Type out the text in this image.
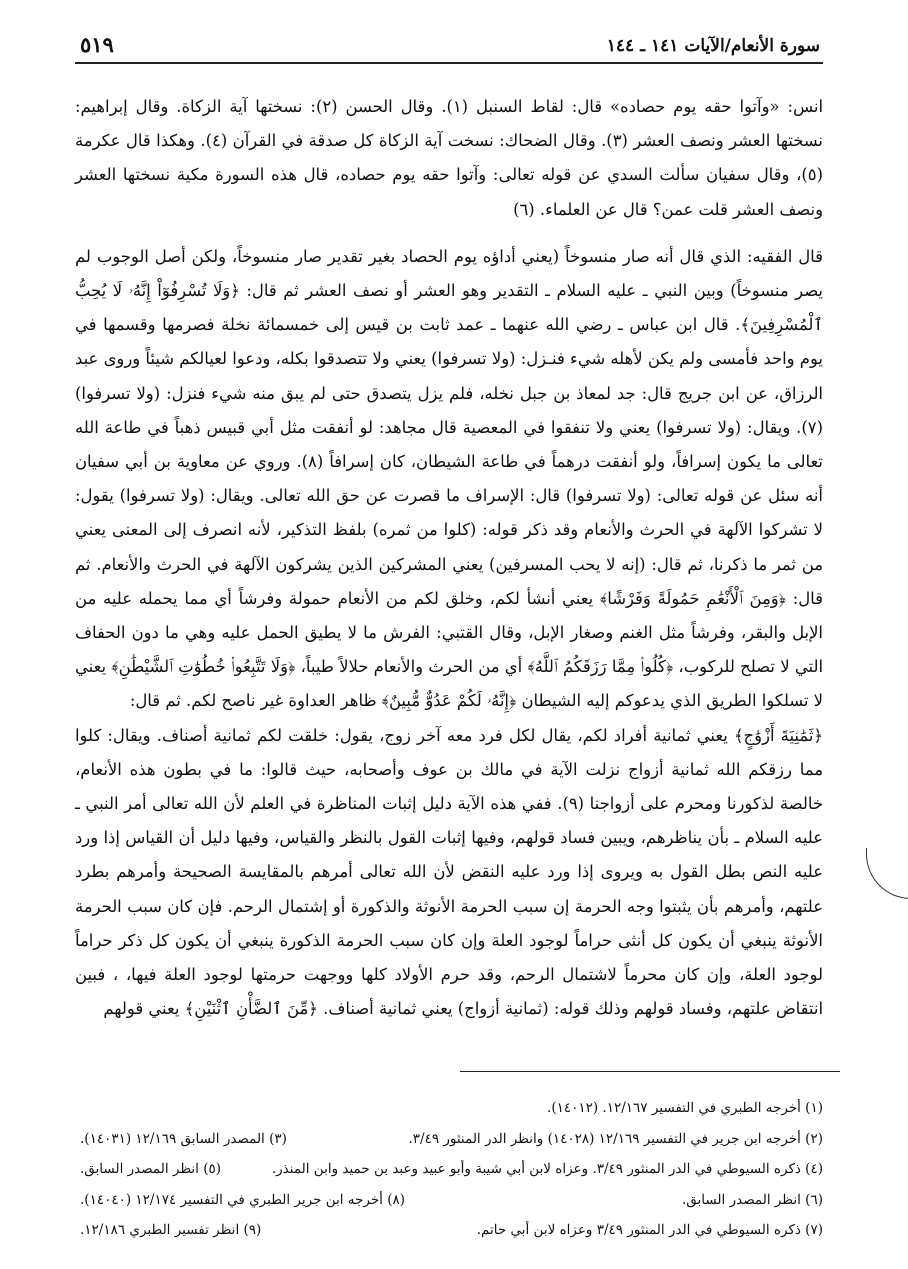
سورة الأنعام/الآيات ١٤١ ـ ١٤٤
٥١٩

انس: «وآتوا حقه يوم حصاده» قال: لقاط السنبل (١). وقال الحسن (٢): نسختها آية الزكاة. وقال إبراهيم: نسختها العشر ونصف العشر (٣). وقال الضحاك: نسخت آية الزكاة كل صدقة في القرآن (٤). وهكذا قال عكرمة (٥)، وقال سفيان سألت السدي عن قوله تعالى: وآتوا حقه يوم حصاده، قال هذه السورة مكية نسختها العشر ونصف العشر قلت عمن؟ قال عن العلماء. (٦)

قال الفقيه: الذي قال أنه صار منسوخاً (يعني أداؤه يوم الحصاد بغير تقدير صار منسوخاً، ولكن أصل الوجوب لم يصر منسوخاً) وبين النبي ـ عليه السلام ـ التقدير وهو العشر أو نصف العشر ثم قال: ﴿وَلَا تُسْرِفُوٓاْ إِنَّهُۥ لَا يُحِبُّ ٱلْمُسْرِفِينَ﴾. قال ابن عباس ـ رضي الله عنهما ـ عمد ثابت بن قيس إلى خمسمائة نخلة فصرمها وقسمها في يوم واحد فأمسى ولم يكن لأهله شيء فنـزل: (ولا تسرفوا) يعني ولا تتصدقوا بكله، ودعوا لعيالكم شيئاً وروى عبد الرزاق، عن ابن جريج قال: جد لمعاذ بن جبل نخله، فلم يزل يتصدق حتى لم يبق منه شيء فنزل: (ولا تسرفوا) (٧). ويقال: (ولا تسرفوا) يعني ولا تنفقوا في المعصية قال مجاهد: لو أنفقت مثل أبي قبيس ذهباً في طاعة الله تعالى ما يكون إسرافاً، ولو أنفقت درهماً في طاعة الشيطان، كان إسرافاً (٨). وروي عن معاوية بن أبي سفيان أنه سئل عن قوله تعالى: (ولا تسرفوا) قال: الإسراف ما قصرت عن حق الله تعالى. ويقال: (ولا تسرفوا) يقول: لا تشركوا الآلهة في الحرث والأنعام وقد ذكر قوله: (كلوا من ثمره) بلفظ التذكير، لأنه انصرف إلى المعنى يعني من ثمر ما ذكرنا، ثم قال: (إنه لا يحب المسرفين) يعني المشركين الذين يشركون الآلهة في الحرث والأنعام. ثم قال: ﴿وَمِنَ ٱلْأَنْعَٰمِ حَمُولَةً وَفَرْشًا﴾ يعني أنشأ لكم، وخلق لكم من الأنعام حمولة وفرشاً أي مما يحمله عليه من الإبل والبقر، وفرشاً مثل الغنم وصغار الإبل، وقال القتبي: الفرش ما لا يطيق الحمل عليه وهي ما دون الحفاف التي لا تصلح للركوب، ﴿كُلُوا۟ مِمَّا رَزَقَكُمُ ٱللَّهُ﴾ أي من الحرث والأنعام حلالاً طيباً، ﴿وَلَا تَتَّبِعُوا۟ خُطُوَٰتِ ٱلشَّيْطَٰنِ﴾ يعني لا تسلكوا الطريق الذي يدعوكم إليه الشيطان ﴿إِنَّهُۥ لَكُمْ عَدُوٌّ مُّبِينٌ﴾ ظاهر العداوة غير ناصح لكم. ثم قال:

﴿ثَمَٰنِيَةَ أَزْوَٰجٍ﴾ يعني ثمانية أفراد لكم، يقال لكل فرد معه آخر زوج، يقول: خلقت لكم ثمانية أصناف. ويقال: كلوا مما رزقكم الله ثمانية أزواج نزلت الآية في مالك بن عوف وأصحابه، حيث قالوا: ما في بطون هذه الأنعام، خالصة لذكورنا ومحرم على أزواجنا (٩). ففي هذه الآية دليل إثبات المناظرة في العلم لأن الله تعالى أمر النبي ـ عليه السلام ـ بأن يناظرهم، ويبين فساد قولهم، وفيها إثبات القول بالنظر والقياس، وفيها دليل أن القياس إذا ورد عليه النص بطل القول به ويروى إذا ورد عليه النقض لأن الله تعالى أمرهم بالمقايسة الصحيحة وأمرهم بطرد علتهم، وأمرهم بأن يثبتوا وجه الحرمة إن سبب الحرمة الأنوثة والذكورة أو إشتمال الرحم. فإن كان سبب الحرمة الأنوثة ينبغي أن يكون كل أنثى حراماً لوجود العلة وإن كان سبب الحرمة الذكورة ينبغي أن يكون كل ذكر حراماً لوجود العلة، وإن كان محرماً لاشتمال الرحم، وقد حرم الأولاد كلها ووجهت حرمتها لوجود العلة فيها، ، فبين انتقاض علتهم، وفساد قولهم وذلك قوله: (ثمانية أزواج) يعني ثمانية أصناف. ﴿مِّنَ ٱلضَّأْنِ ٱثْنَيْنِ﴾ يعني قولهم

(١) أخرجه الطبري في التفسير ١٢/١٦٧. (١٤٠١٢).
(٢) أخرجه ابن جرير في التفسير ١٢/١٦٩ (١٤٠٢٨) وانظر الدر المنثور ٣/٤٩.
(٣) المصدر السابق ١٢/١٦٩ (١٤٠٣١).
(٤) ذكره السيوطي في الدر المنثور ٣/٤٩. وعزاه لابن أبي شيبة وأبو عبيد وعبد بن حميد وابن المنذر.
(٥) انظر المصدر السابق.
(٦) انظر المصدر السابق.
(٨) أخرجه ابن جرير الطبري في التفسير ١٢/١٧٤ (١٤٠٤٠).
(٧) ذكره السيوطي في الدر المنثور ٣/٤٩ وعزاه لابن أبي حاتم.
(٩) انظر تفسير الطبري ١٢/١٨٦.
